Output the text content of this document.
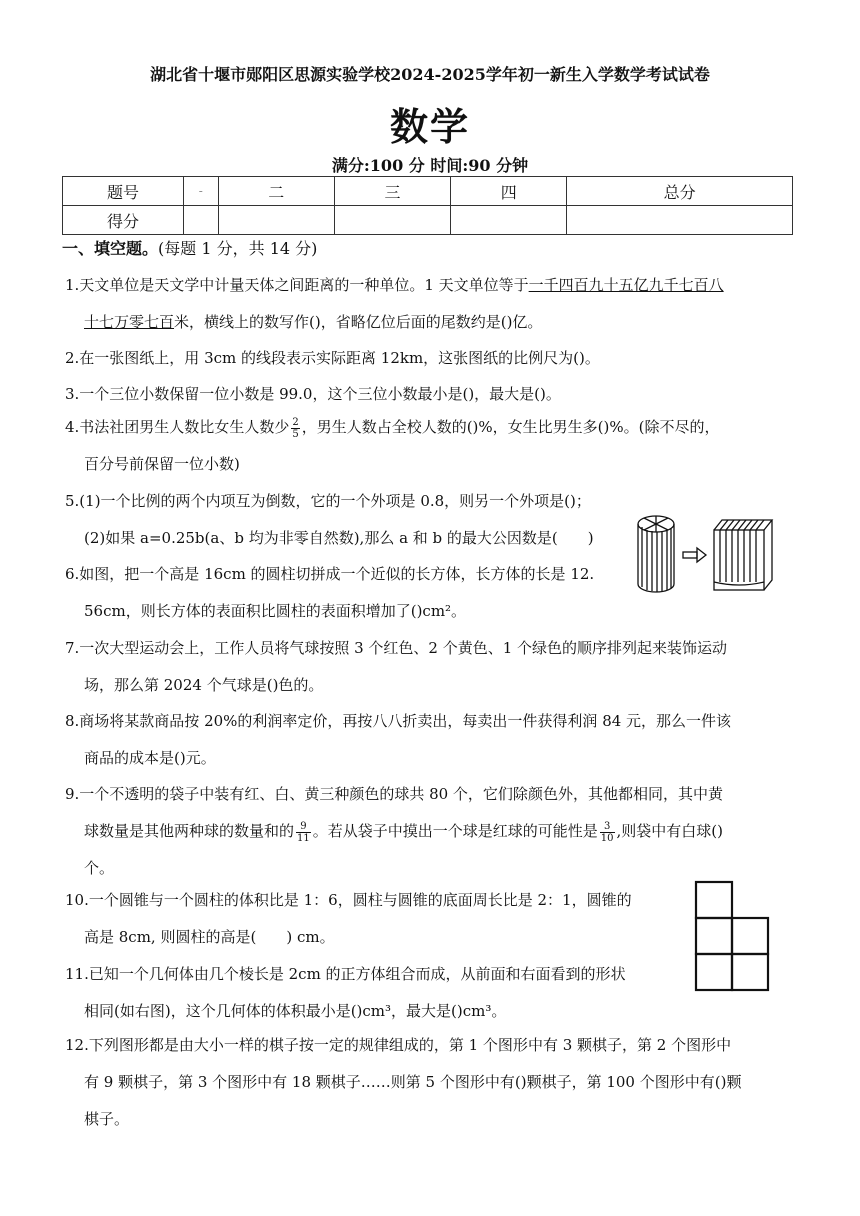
湖北省十堰市郧阳区思源实验学校2024-2025学年初一新生入学数学考试试卷
数学
满分:100 分 时间:90 分钟
题号	-	二	三	四	总分
得分					
一、填空题。(每题 1 分，共 14 分)
1.天文单位是天文学中计量天体之间距离的一种单位。1 天文单位等于一千四百九十五亿九千七百八
十七万零七百米，横线上的数写作()，省略亿位后面的尾数约是()亿。
2.在一张图纸上，用 3cm 的线段表示实际距离 12km，这张图纸的比例尺为()。
3.一个三位小数保留一位小数是 99.0，这个三位小数最小是()，最大是()。
4.书法社团男生人数比女生人数少 $\frac{2}{5}$ ，男生人数占全校人数的()%，女生比男生多()%。(除不尽的，
百分号前保留一位小数)
5.(1)一个比例的两个内项互为倒数，它的一个外项是 0.8，则另一个外项是()；
(2)如果 a=0.25b(a、b 均为非零自然数),那么 a 和 b 的最大公因数是(　　)
6.如图，把一个高是 16cm 的圆柱切拼成一个近似的长方体，长方体的长是 12.
56cm，则长方体的表面积比圆柱的表面积增加了()cm²。
7.一次大型运动会上，工作人员将气球按照 3 个红色、2 个黄色、1 个绿色的顺序排列起来装饰运动
场，那么第 2024 个气球是()色的。
8.商场将某款商品按 20%的利润率定价，再按八八折卖出，每卖出一件获得利润 84 元，那么一件该
商品的成本是()元。
9.一个不透明的袋子中装有红、白、黄三种颜色的球共 80 个，它们除颜色外，其他都相同，其中黄
球数量是其他两种球的数量和的 $\frac{9}{11}$ 。若从袋子中摸出一个球是红球的可能性是 $\frac{3}{10}$ ,则袋中有白球()
个。
10.一个圆锥与一个圆柱的体积比是 1：6，圆柱与圆锥的底面周长比是 2：1，圆锥的
高是 8cm, 则圆柱的高是(　　) cm。
11.已知一个几何体由几个棱长是 2cm 的正方体组合而成，从前面和右面看到的形状
相同(如右图)，这个几何体的体积最小是()cm³，最大是()cm³。
12.下列图形都是由大小一样的棋子按一定的规律组成的，第 1 个图形中有 3 颗棋子，第 2 个图形中
有 9 颗棋子，第 3 个图形中有 18 颗棋子……则第 5 个图形中有()颗棋子，第 100 个图形中有()颗
棋子。
